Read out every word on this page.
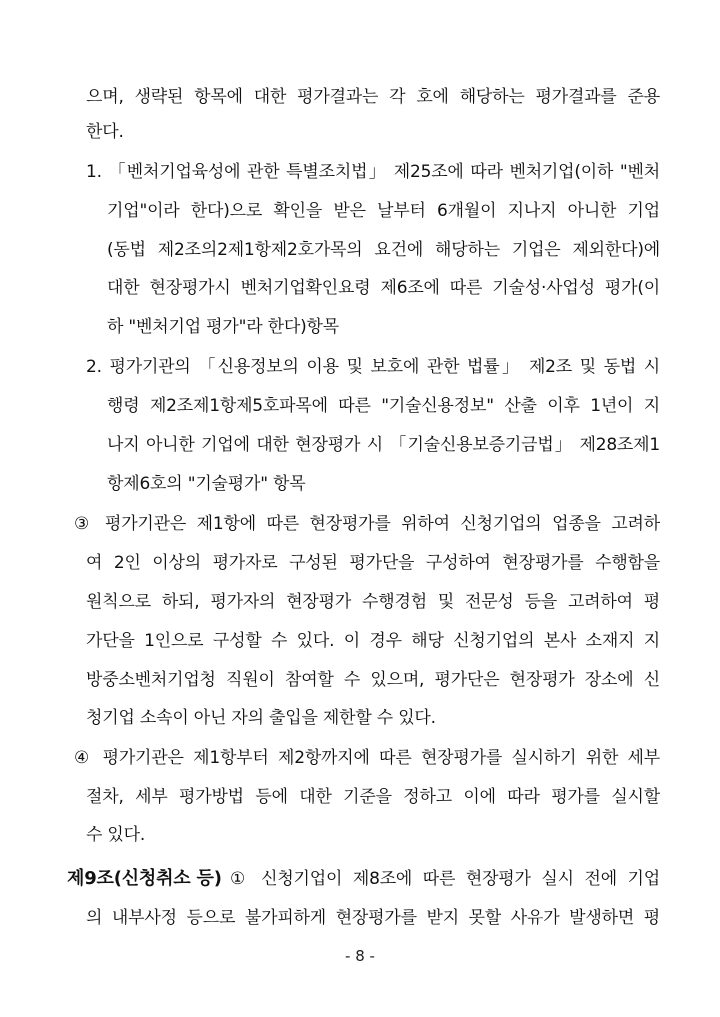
으며, 생략된 항목에 대한 평가결과는 각 호에 해당하는 평가결과를 준용
한다.
1. 「벤처기업육성에 관한 특별조치법」 제25조에 따라 벤처기업(이하 "벤처
기업"이라 한다)으로 확인을 받은 날부터 6개월이 지나지 아니한 기업
(동법 제2조의2제1항제2호가목의 요건에 해당하는 기업은 제외한다)에
대한 현장평가시 벤처기업확인요령 제6조에 따른 기술성·사업성 평가(이
하 "벤처기업 평가"라 한다)항목
2. 평가기관의 「신용정보의 이용 및 보호에 관한 법률」 제2조 및 동법 시
행령 제2조제1항제5호파목에 따른 "기술신용정보" 산출 이후 1년이 지
나지 아니한 기업에 대한 현장평가 시 「기술신용보증기금법」 제28조제1
항제6호의 "기술평가" 항목
③ 평가기관은 제1항에 따른 현장평가를 위하여 신청기업의 업종을 고려하
여 2인 이상의 평가자로 구성된 평가단을 구성하여 현장평가를 수행함을
원칙으로 하되, 평가자의 현장평가 수행경험 및 전문성 등을 고려하여 평
가단을 1인으로 구성할 수 있다. 이 경우 해당 신청기업의 본사 소재지 지
방중소벤처기업청 직원이 참여할 수 있으며, 평가단은 현장평가 장소에 신
청기업 소속이 아닌 자의 출입을 제한할 수 있다.
④ 평가기관은 제1항부터 제2항까지에 따른 현장평가를 실시하기 위한 세부
절차, 세부 평가방법 등에 대한 기준을 정하고 이에 따라 평가를 실시할
수 있다.
제9조(신청취소 등) ① 신청기업이 제8조에 따른 현장평가 실시 전에 기업
의 내부사정 등으로 불가피하게 현장평가를 받지 못할 사유가 발생하면 평
- 8 -
